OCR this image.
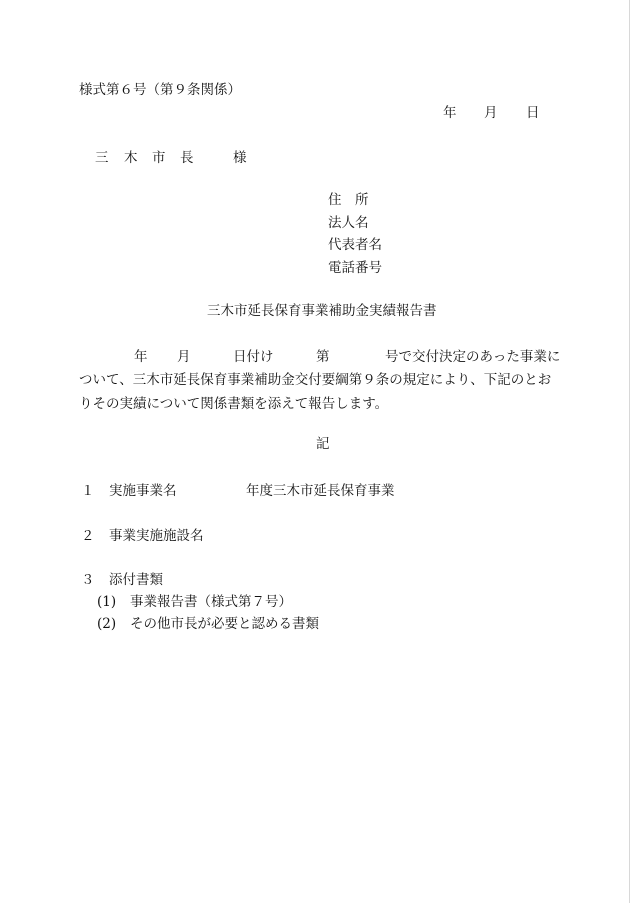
様式第６号（第９条関係）
年 月 日
三 木 市 長	様
住　所
法人名
代表者名
電話番号
三木市延長保育事業補助金実績報告書
年 月	日付け	第	号で交付決定のあった事業に
ついて、三木市延長保育事業補助金交付要綱第９条の規定により、下記のとお
りその実績について関係書類を添えて報告します。
記
１ 実施事業名	年度三木市延長保育事業
２ 事業実施施設名
３ 添付書類
(1) 事業報告書（様式第７号）
(2) その他市長が必要と認める書類
